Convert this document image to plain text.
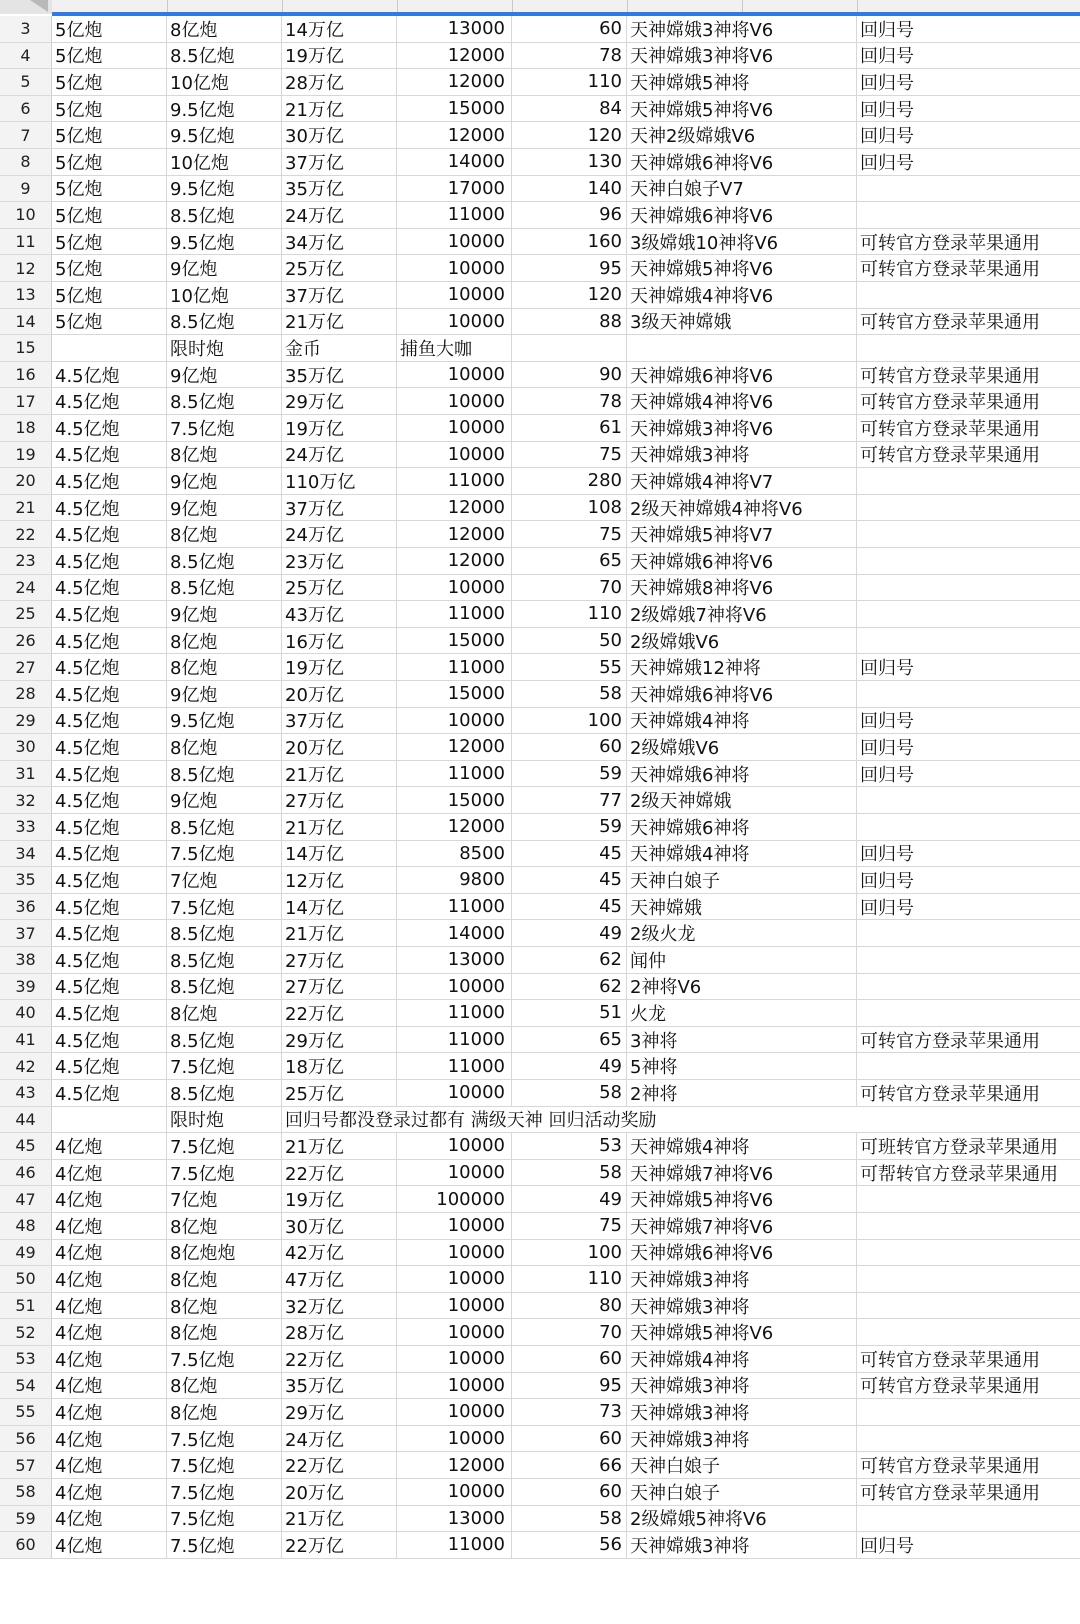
3	5亿炮	8亿炮	14万亿	13000	60 天神嫦娥3神将V6	回归号
4	5亿炮	8.5亿炮	19万亿	12000	78 天神嫦娥3神将V6	回归号
5	5亿炮	10亿炮	28万亿	12000	110 天神嫦娥5神将	回归号
6	5亿炮	9.5亿炮	21万亿	15000	84 天神嫦娥5神将V6	回归号
7	5亿炮	9.5亿炮	30万亿	12000	120 天神2级嫦娥V6	回归号
8	5亿炮	10亿炮	37万亿	14000	130 天神嫦娥6神将V6	回归号
9	5亿炮	9.5亿炮	35万亿	17000	140 天神白娘子V7
10	5亿炮	8.5亿炮	24万亿	11000	96 天神嫦娥6神将V6
11	5亿炮	9.5亿炮	34万亿	10000	160 3级嫦娥10神将V6	可转官方登录苹果通用
12	5亿炮	9亿炮	25万亿	10000	95 天神嫦娥5神将V6	可转官方登录苹果通用
13	5亿炮	10亿炮	37万亿	10000	120 天神嫦娥4神将V6
14	5亿炮	8.5亿炮	21万亿	10000	88 3级天神嫦娥	可转官方登录苹果通用
15	限时炮	金币	捕鱼大咖
16	4.5亿炮	9亿炮	35万亿	10000	90 天神嫦娥6神将V6	可转官方登录苹果通用
17	4.5亿炮	8.5亿炮	29万亿	10000	78 天神嫦娥4神将V6	可转官方登录苹果通用
18	4.5亿炮	7.5亿炮	19万亿	10000	61 天神嫦娥3神将V6	可转官方登录苹果通用
19	4.5亿炮	8亿炮	24万亿	10000	75 天神嫦娥3神将	可转官方登录苹果通用
20	4.5亿炮	9亿炮	110万亿	11000	280 天神嫦娥4神将V7
21	4.5亿炮	9亿炮	37万亿	12000	108 2级天神嫦娥4神将V6
22	4.5亿炮	8亿炮	24万亿	12000	75 天神嫦娥5神将V7
23	4.5亿炮	8.5亿炮	23万亿	12000	65 天神嫦娥6神将V6
24	4.5亿炮	8.5亿炮	25万亿	10000	70 天神嫦娥8神将V6
25	4.5亿炮	9亿炮	43万亿	11000	110 2级嫦娥7神将V6
26	4.5亿炮	8亿炮	16万亿	15000	50 2级嫦娥V6
27	4.5亿炮	8亿炮	19万亿	11000	55 天神嫦娥12神将	回归号
28	4.5亿炮	9亿炮	20万亿	15000	58 天神嫦娥6神将V6
29	4.5亿炮	9.5亿炮	37万亿	10000	100 天神嫦娥4神将	回归号
30	4.5亿炮	8亿炮	20万亿	12000	60 2级嫦娥V6	回归号
31	4.5亿炮	8.5亿炮	21万亿	11000	59 天神嫦娥6神将	回归号
32	4.5亿炮	9亿炮	27万亿	15000	77 2级天神嫦娥
33	4.5亿炮	8.5亿炮	21万亿	12000	59 天神嫦娥6神将
34	4.5亿炮	7.5亿炮	14万亿	8500	45 天神嫦娥4神将	回归号
35	4.5亿炮	7亿炮	12万亿	9800	45 天神白娘子	回归号
36	4.5亿炮	7.5亿炮	14万亿	11000	45 天神嫦娥	回归号
37	4.5亿炮	8.5亿炮	21万亿	14000	49 2级火龙
38	4.5亿炮	8.5亿炮	27万亿	13000	62 闻仲
39	4.5亿炮	8.5亿炮	27万亿	10000	62 2神将V6
40	4.5亿炮	8亿炮	22万亿	11000	51 火龙
41	4.5亿炮	8.5亿炮	29万亿	11000	65 3神将	可转官方登录苹果通用
42	4.5亿炮	7.5亿炮	18万亿	11000	49 5神将
43	4.5亿炮	8.5亿炮	25万亿	10000	58 2神将	可转官方登录苹果通用
44	限时炮	回归号都没登录过都有 满级天神 回归活动奖励
45	4亿炮	7.5亿炮	21万亿	10000	53 天神嫦娥4神将	可班转官方登录苹果通用
46	4亿炮	7.5亿炮	22万亿	10000	58 天神嫦娥7神将V6	可帮转官方登录苹果通用
47	4亿炮	7亿炮	19万亿	100000	49 天神嫦娥5神将V6
48	4亿炮	8亿炮	30万亿	10000	75 天神嫦娥7神将V6
49	4亿炮	8亿炮炮	42万亿	10000	100 天神嫦娥6神将V6
50	4亿炮	8亿炮	47万亿	10000	110 天神嫦娥3神将
51	4亿炮	8亿炮	32万亿	10000	80 天神嫦娥3神将
52	4亿炮	8亿炮	28万亿	10000	70 天神嫦娥5神将V6
53	4亿炮	7.5亿炮	22万亿	10000	60 天神嫦娥4神将	可转官方登录苹果通用
54	4亿炮	8亿炮	35万亿	10000	95 天神嫦娥3神将	可转官方登录苹果通用
55	4亿炮	8亿炮	29万亿	10000	73 天神嫦娥3神将
56	4亿炮	7.5亿炮	24万亿	10000	60 天神嫦娥3神将
57	4亿炮	7.5亿炮	22万亿	12000	66 天神白娘子	可转官方登录苹果通用
58	4亿炮	7.5亿炮	20万亿	10000	60 天神白娘子	可转官方登录苹果通用
59	4亿炮	7.5亿炮	21万亿	13000	58 2级嫦娥5神将V6
60	4亿炮	7.5亿炮	22万亿	11000	56 天神嫦娥3神将	回归号
